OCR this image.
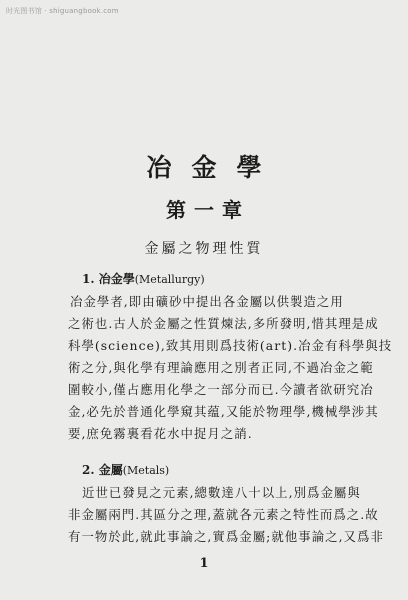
时光图书馆 · shiguangbook.com
冶金學
第一章
金屬之物理性質
1. 冶金學(Metallurgy)
冶金學者,即由礦砂中提出各金屬以供製造之用
之術也.古人於金屬之性質煉法,多所發明,惜其理是成
科學(science),致其用則爲技術(art).冶金有科學與技
術之分,與化學有理論應用之別者正同,不過冶金之範
圍較小,僅占應用化學之一部分而已.今讀者欲研究冶
金,必先於普通化學窺其蕴,又能於物理學,機械學涉其
要,庶免霧裏看花水中捉月之誚.
2. 金屬(Metals)
近世已發見之元素,總數達八十以上,別爲金屬與
非金屬兩門.其區分之理,蓋就各元素之特性而爲之.故
有一物於此,就此事論之,實爲金屬;就他事論之,又爲非
1
